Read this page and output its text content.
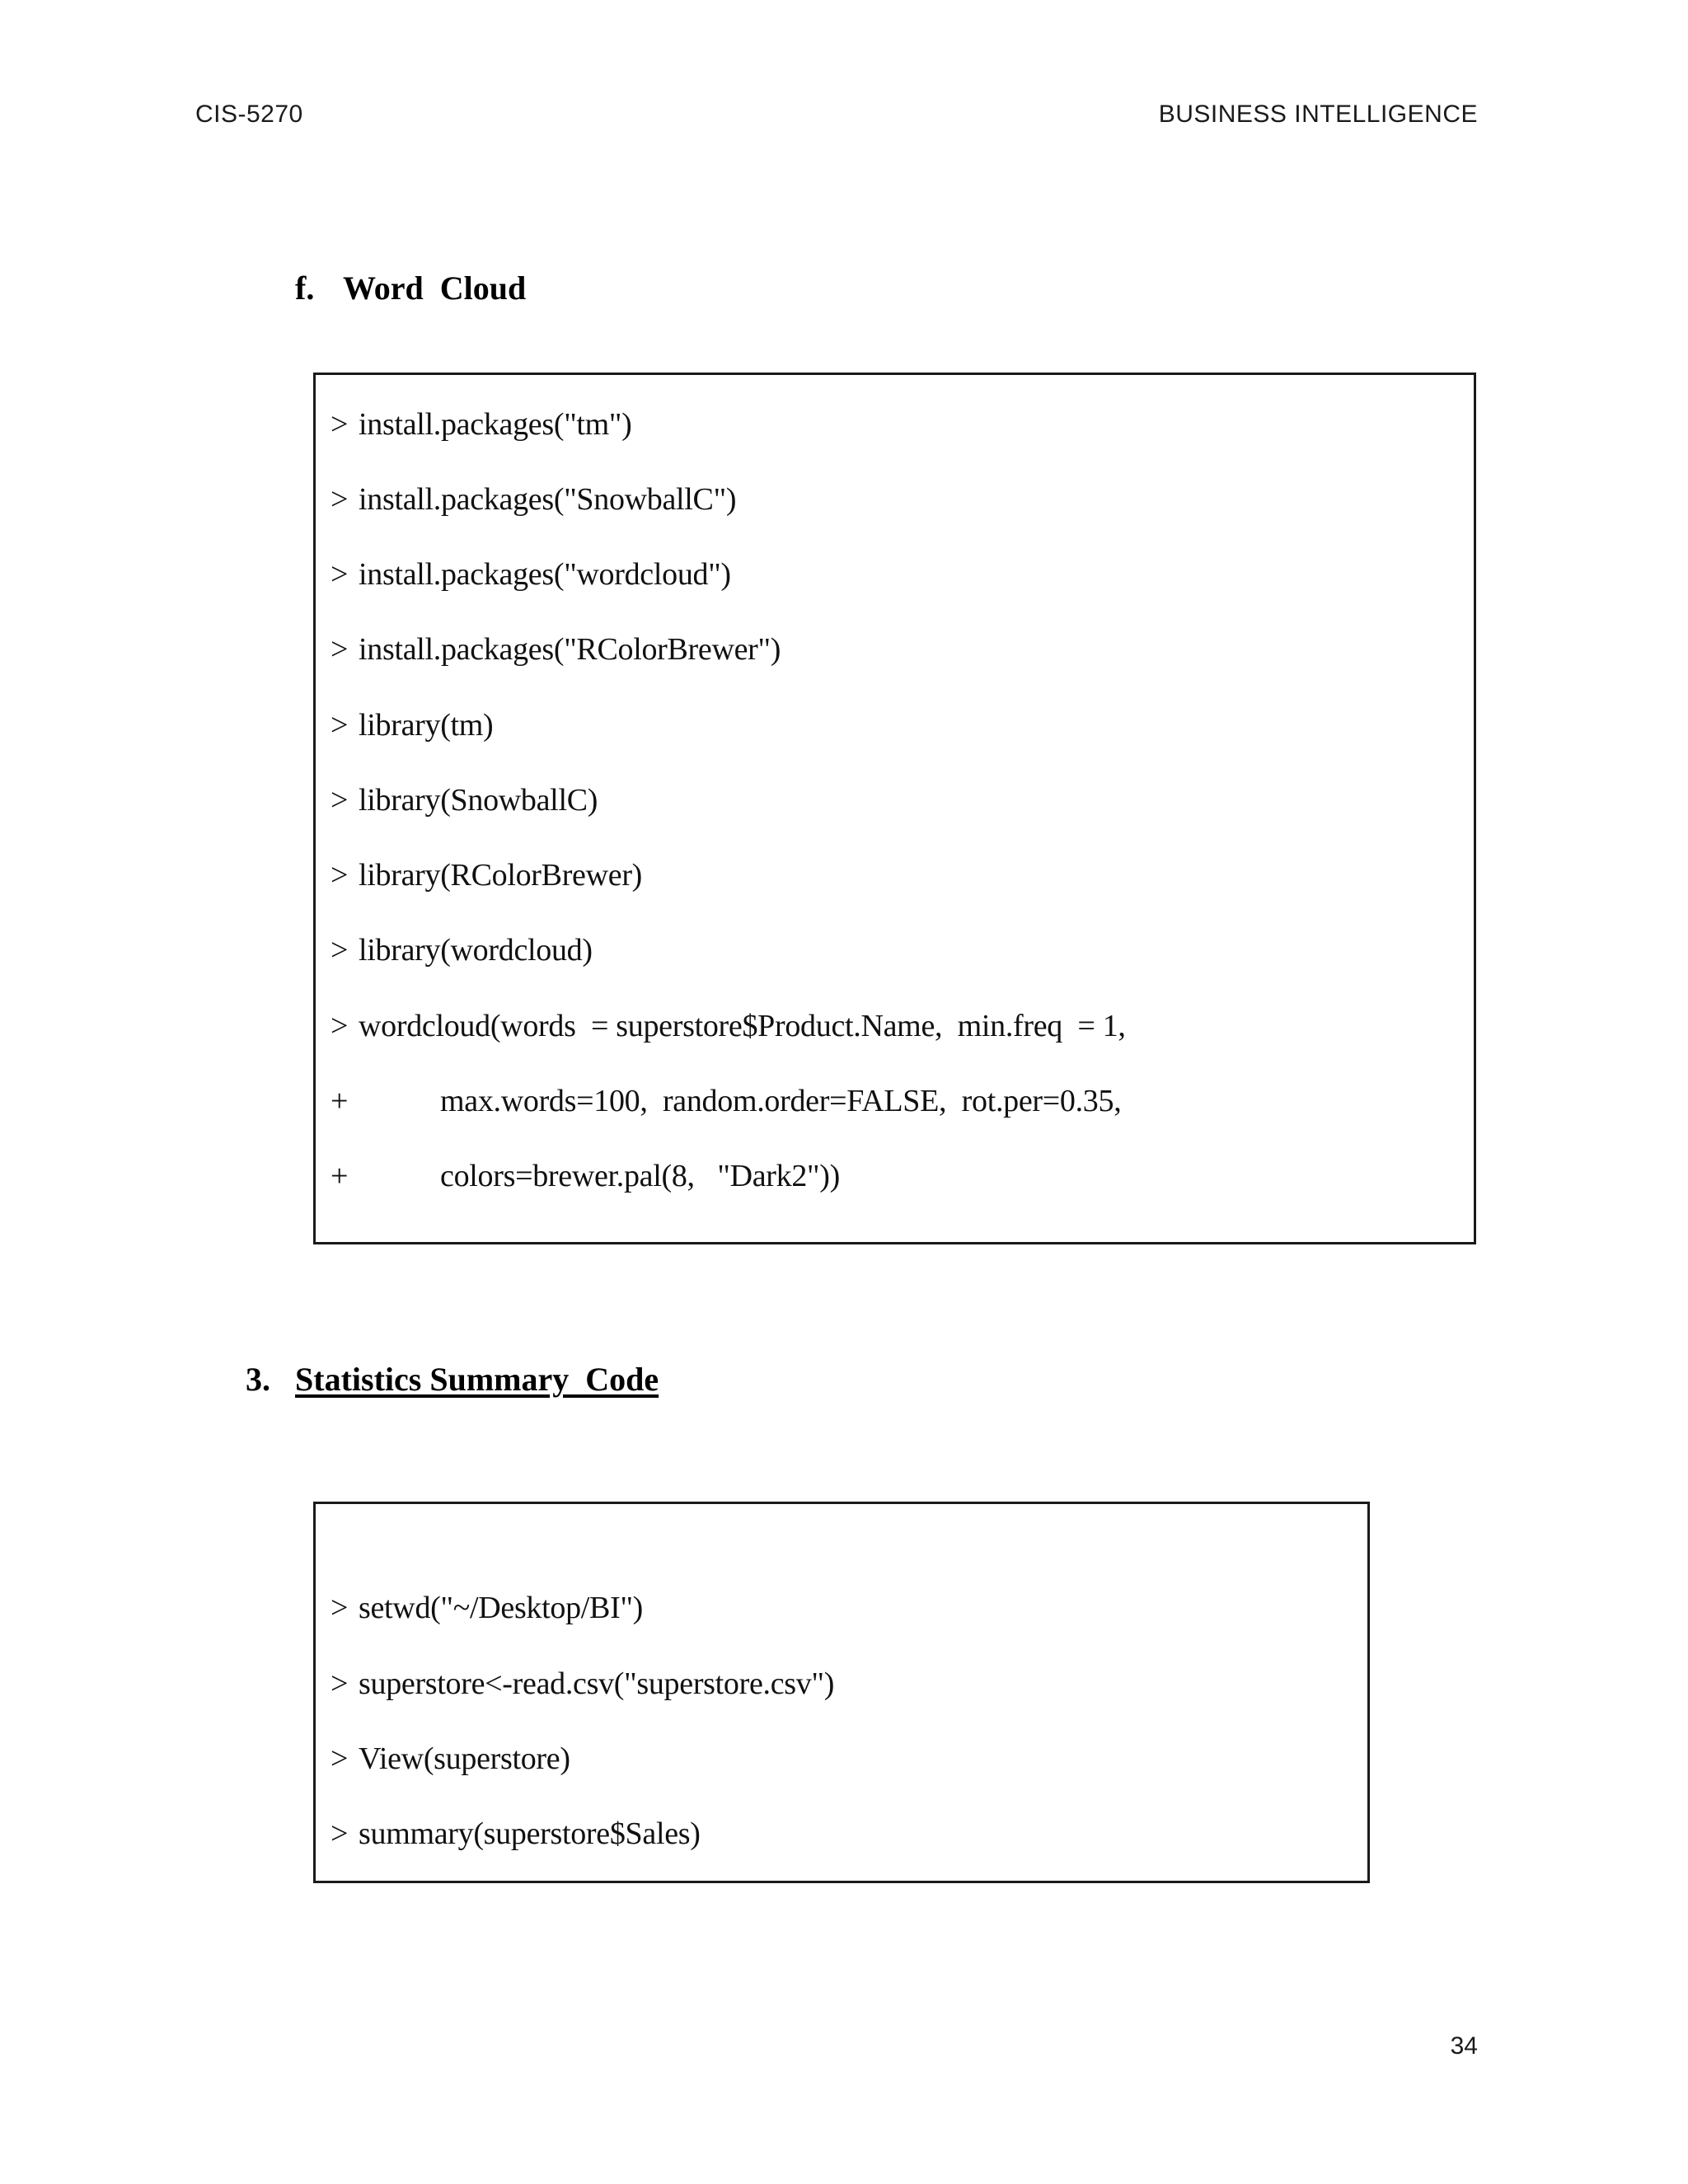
CIS-5270	BUSINESS INTELLIGENCE
f. Word  Cloud
> install.packages("tm")
> install.packages("SnowballC")
> install.packages("wordcloud")
> install.packages("RColorBrewer")
> library(tm)
> library(SnowballC)
> library(RColorBrewer)
> library(wordcloud)
> wordcloud(words  = superstore$Product.Name,  min.freq  = 1,
+	max.words=100,  random.order=FALSE,  rot.per=0.35,
+	colors=brewer.pal(8,   "Dark2"))
3. Statistics Summary  Code
> setwd("~/Desktop/BI")
> superstore<-read.csv("superstore.csv")
> View(superstore)
> summary(superstore$Sales)
34
